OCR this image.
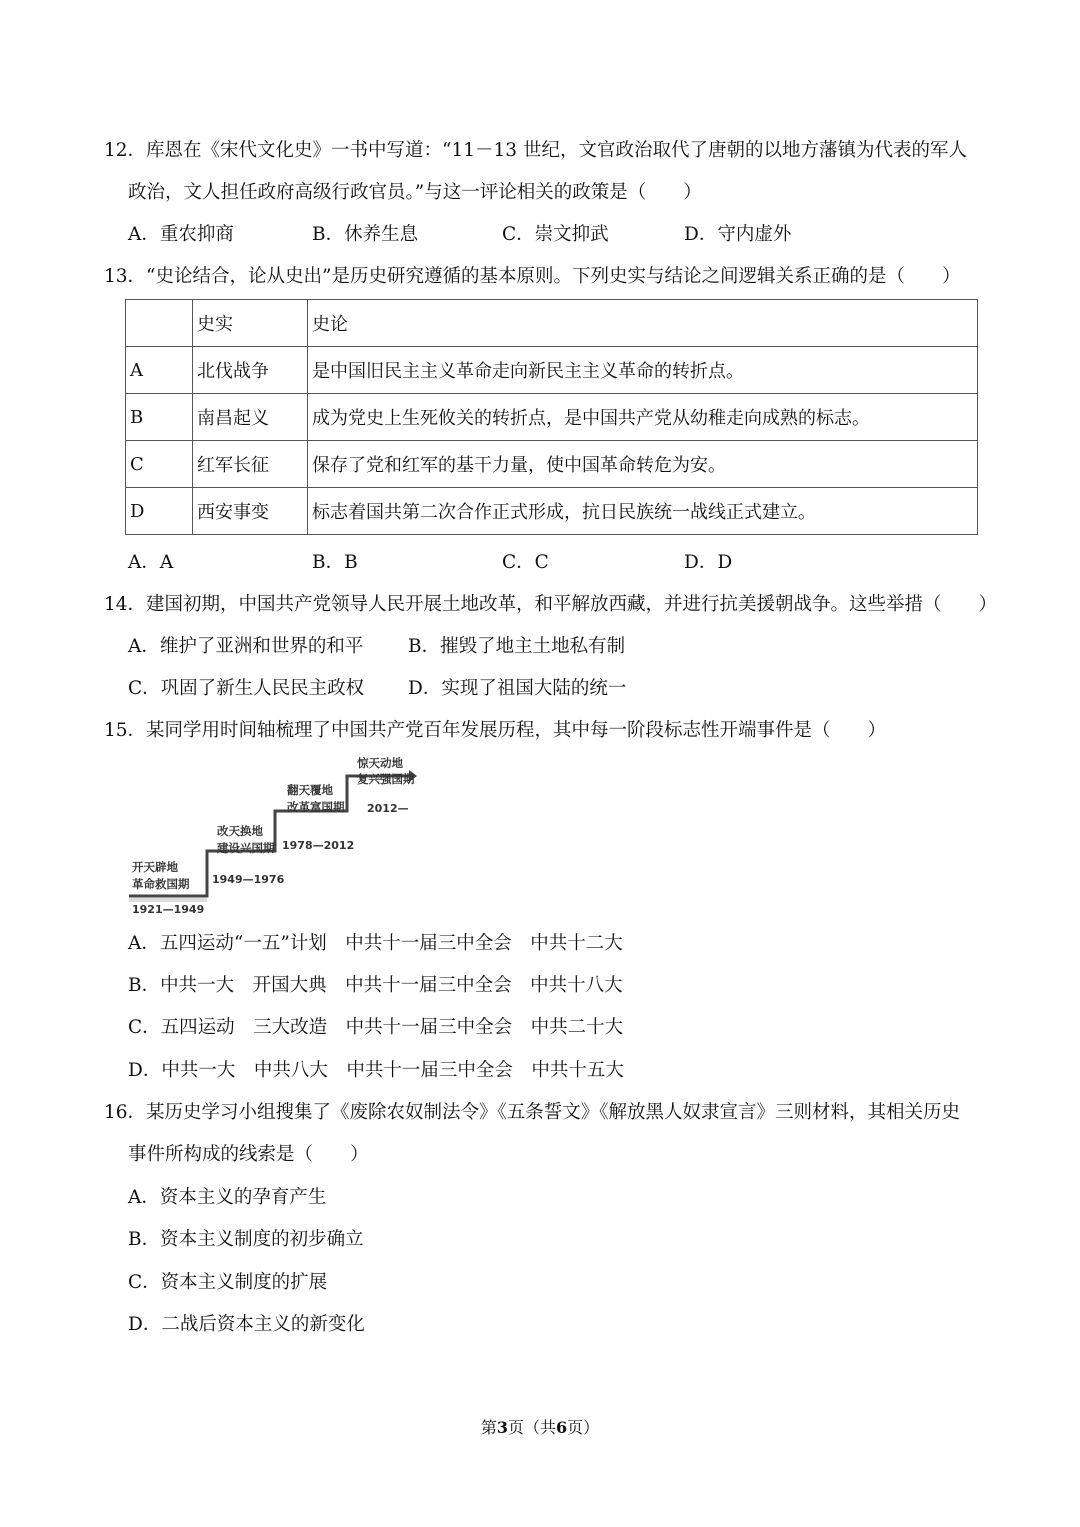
12．库恩在《宋代文化史》一书中写道：“11－13 世纪，文官政治取代了唐朝的以地方藩镇为代表的军人
政治，文人担任政府高级行政官员。”与这一评论相关的政策是（　　）
A．重农抑商	B．休养生息	C．崇文抑武	D．守内虚外
13．“史论结合，论从史出”是历史研究遵循的基本原则。下列史实与结论之间逻辑关系正确的是（　　）
	史实	史论
A	北伐战争	是中国旧民主主义革命走向新民主主义革命的转折点。
B	南昌起义	成为党史上生死攸关的转折点，是中国共产党从幼稚走向成熟的标志。
C	红军长征	保存了党和红军的基干力量，使中国革命转危为安。
D	西安事变	标志着国共第二次合作正式形成，抗日民族统一战线正式建立。
A．A	B．B	C．C	D．D
14．建国初期，中国共产党领导人民开展土地改革，和平解放西藏，并进行抗美援朝战争。这些举措（　　）
A．维护了亚洲和世界的和平 B．摧毁了地主土地私有制
C．巩固了新生人民民主政权 D．实现了祖国大陆的统一
15．某同学用时间轴梳理了中国共产党百年发展历程，其中每一阶段标志性开端事件是（　　）
开天辟地
革命救国期
1921—1949
改天换地
建设兴国期
1949—1976
翻天覆地
改革富国期
1978—2012
惊天动地
复兴强国期
2012—
A．五四运动“一五”计划　中共十一届三中全会　中共十二大
B．中共一大　开国大典　中共十一届三中全会　中共十八大
C．五四运动　三大改造　中共十一届三中全会　中共二十大
D．中共一大　中共八大　中共十一届三中全会　中共十五大
16．某历史学习小组搜集了《废除农奴制法令》《五条誓文》《解放黑人奴隶宣言》三则材料，其相关历史
事件所构成的线索是（　　）
A．资本主义的孕育产生
B．资本主义制度的初步确立
C．资本主义制度的扩展
D．二战后资本主义的新变化
第3页（共6页）
